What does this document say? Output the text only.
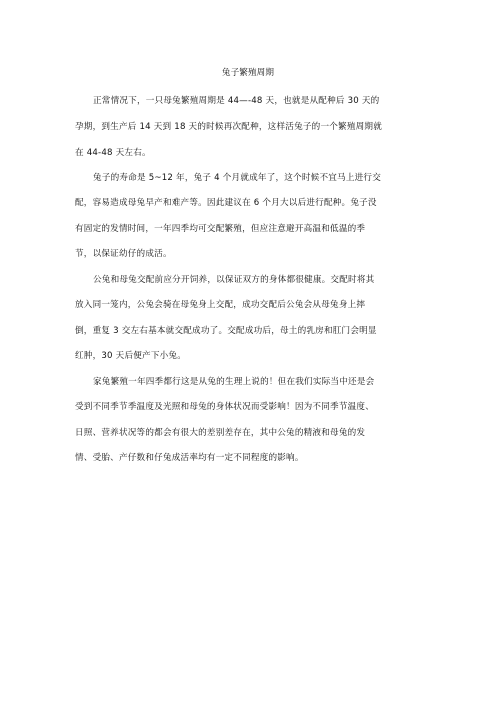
兔子繁殖周期
正常情况下，一只母兔繁殖周期是 44—-48 天，也就是从配种后 30 天的
孕期，到生产后 14 天到 18 天的时候再次配种，这样活兔子的一个繁殖周期就
在 44-48 天左右。
兔子的寿命是 5~12 年，兔子 4 个月就成年了，这个时候不宜马上进行交
配，容易造成母兔早产和难产等。因此建议在 6 个月大以后进行配种。兔子没
有固定的发情时间，一年四季均可交配繁殖，但应注意避开高温和低温的季
节，以保证幼仔的成活。
公兔和母兔交配前应分开饲养，以保证双方的身体都很健康。交配时将其
放入同一笼内，公兔会骑在母兔身上交配，成功交配后公兔会从母兔身上摔
倒，重复 3 交左右基本就交配成功了。交配成功后，母土的乳房和肛门会明显
红肿，30 天后便产下小兔。
家兔繁殖一年四季都行这是从兔的生理上说的！但在我们实际当中还是会
受到不同季节季温度及光照和母兔的身体状况而受影响！因为不同季节温度、
日照、营养状况等的都会有很大的差别差存在，其中公兔的精液和母兔的发
情、受胎、产仔数和仔兔成活率均有一定不同程度的影响。
